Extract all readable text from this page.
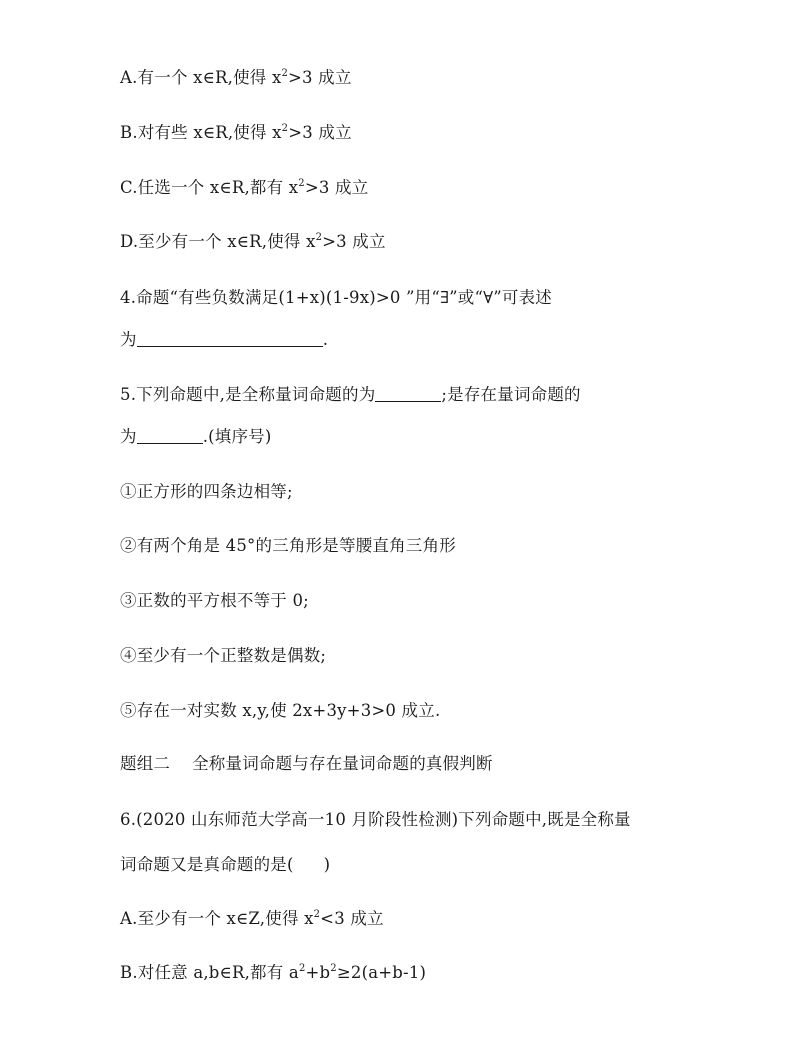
A.有一个 x∈R,使得 $x^2>3$ 成立
B.对有些 x∈R,使得 $x^2>3$ 成立
C.任选一个 x∈R,都有 $x^2>3$ 成立
D.至少有一个 x∈R,使得 $x^2>3$ 成立
4.命题“有些负数满足(1+x)(1-9x)>0 ”用“∃”或“∀”可表述
为	.
5.下列命题中,是全称量词命题的为	;是存在量词命题的
为	.(填序号)
①正方形的四条边相等;
②有两个角是 45°的三角形是等腰直角三角形
③正数的平方根不等于 0;
④至少有一个正整数是偶数;
⑤存在一对实数 x,y,使 2x+3y+3>0 成立.
题组二 全称量词命题与存在量词命题的真假判断
6.(2020 山东师范大学高一10 月阶段性检测)下列命题中,既是全称量
词命题又是真命题的是( )
A.至少有一个 x∈Z,使得 $x^2<3$ 成立
B.对任意 a,b∈R,都有 $a^2+b^2\ge 2(a+b-1)$
